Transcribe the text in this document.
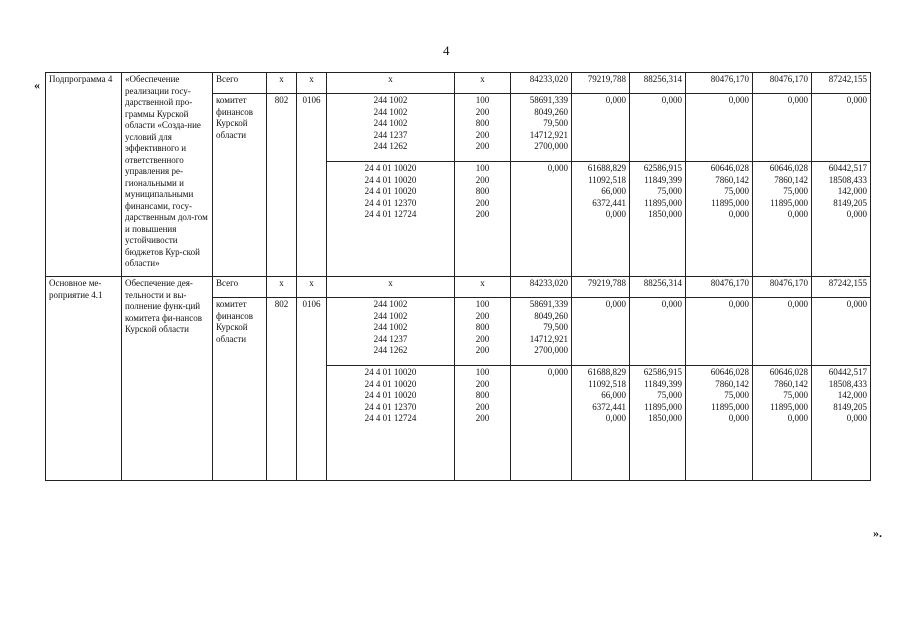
4
«
».
Подпрограмма 4	«Обеспечение реализации госу-дарственной про-граммы Курской области «Созда-ние условий для эффективного и ответственного управления ре-гиональными и муниципальными финансами, госу-дарственным дол-гом и повышения устойчивости бюджетов Кур-ской области»	Всего	х	х	х	х	84233,020	79219,788	88256,314	80476,170	80476,170	87242,155
		комитет финансов Курской области	802	0106	244 1002
244 1002
244 1002
244 1237
244 1262	100
200
800
200
200	58691,339
8049,260
79,500
14712,921
2700,000	0,000	0,000	0,000	0,000	0,000

					24 4 01 10020
24 4 01 10020
24 4 01 10020
24 4 01 12370
24 4 01 12724	100
200
800
200
200	0,000	61688,829
11092,518
66,000
6372,441
0,000	62586,915
11849,399
75,000
11895,000
1850,000	60646,028
7860,142
75,000
11895,000
0,000	60646,028
7860,142
75,000
11895,000
0,000	60442,517
18508,433
142,000
8149,205
0,000

Основное ме-роприятие 4.1	Обеспечение дея-тельности и вы-полнение функ-ций комитета фи-нансов Курской области	Всего	х	х	х	х	84233,020	79219,788	88256,314	80476,170	80476,170	87242,155
		комитет финансов Курской области	802	0106	244 1002
244 1002
244 1002
244 1237
244 1262	100
200
800
200
200	58691,339
8049,260
79,500
14712,921
2700,000	0,000	0,000	0,000	0,000	0,000

					24 4 01 10020
24 4 01 10020
24 4 01 10020
24 4 01 12370
24 4 01 12724	100
200
800
200
200	0,000	61688,829
11092,518
66,000
6372,441
0,000	62586,915
11849,399
75,000
11895,000
1850,000	60646,028
7860,142
75,000
11895,000
0,000	60646,028
7860,142
75,000
11895,000
0,000	60442,517
18508,433
142,000
8149,205
0,000
